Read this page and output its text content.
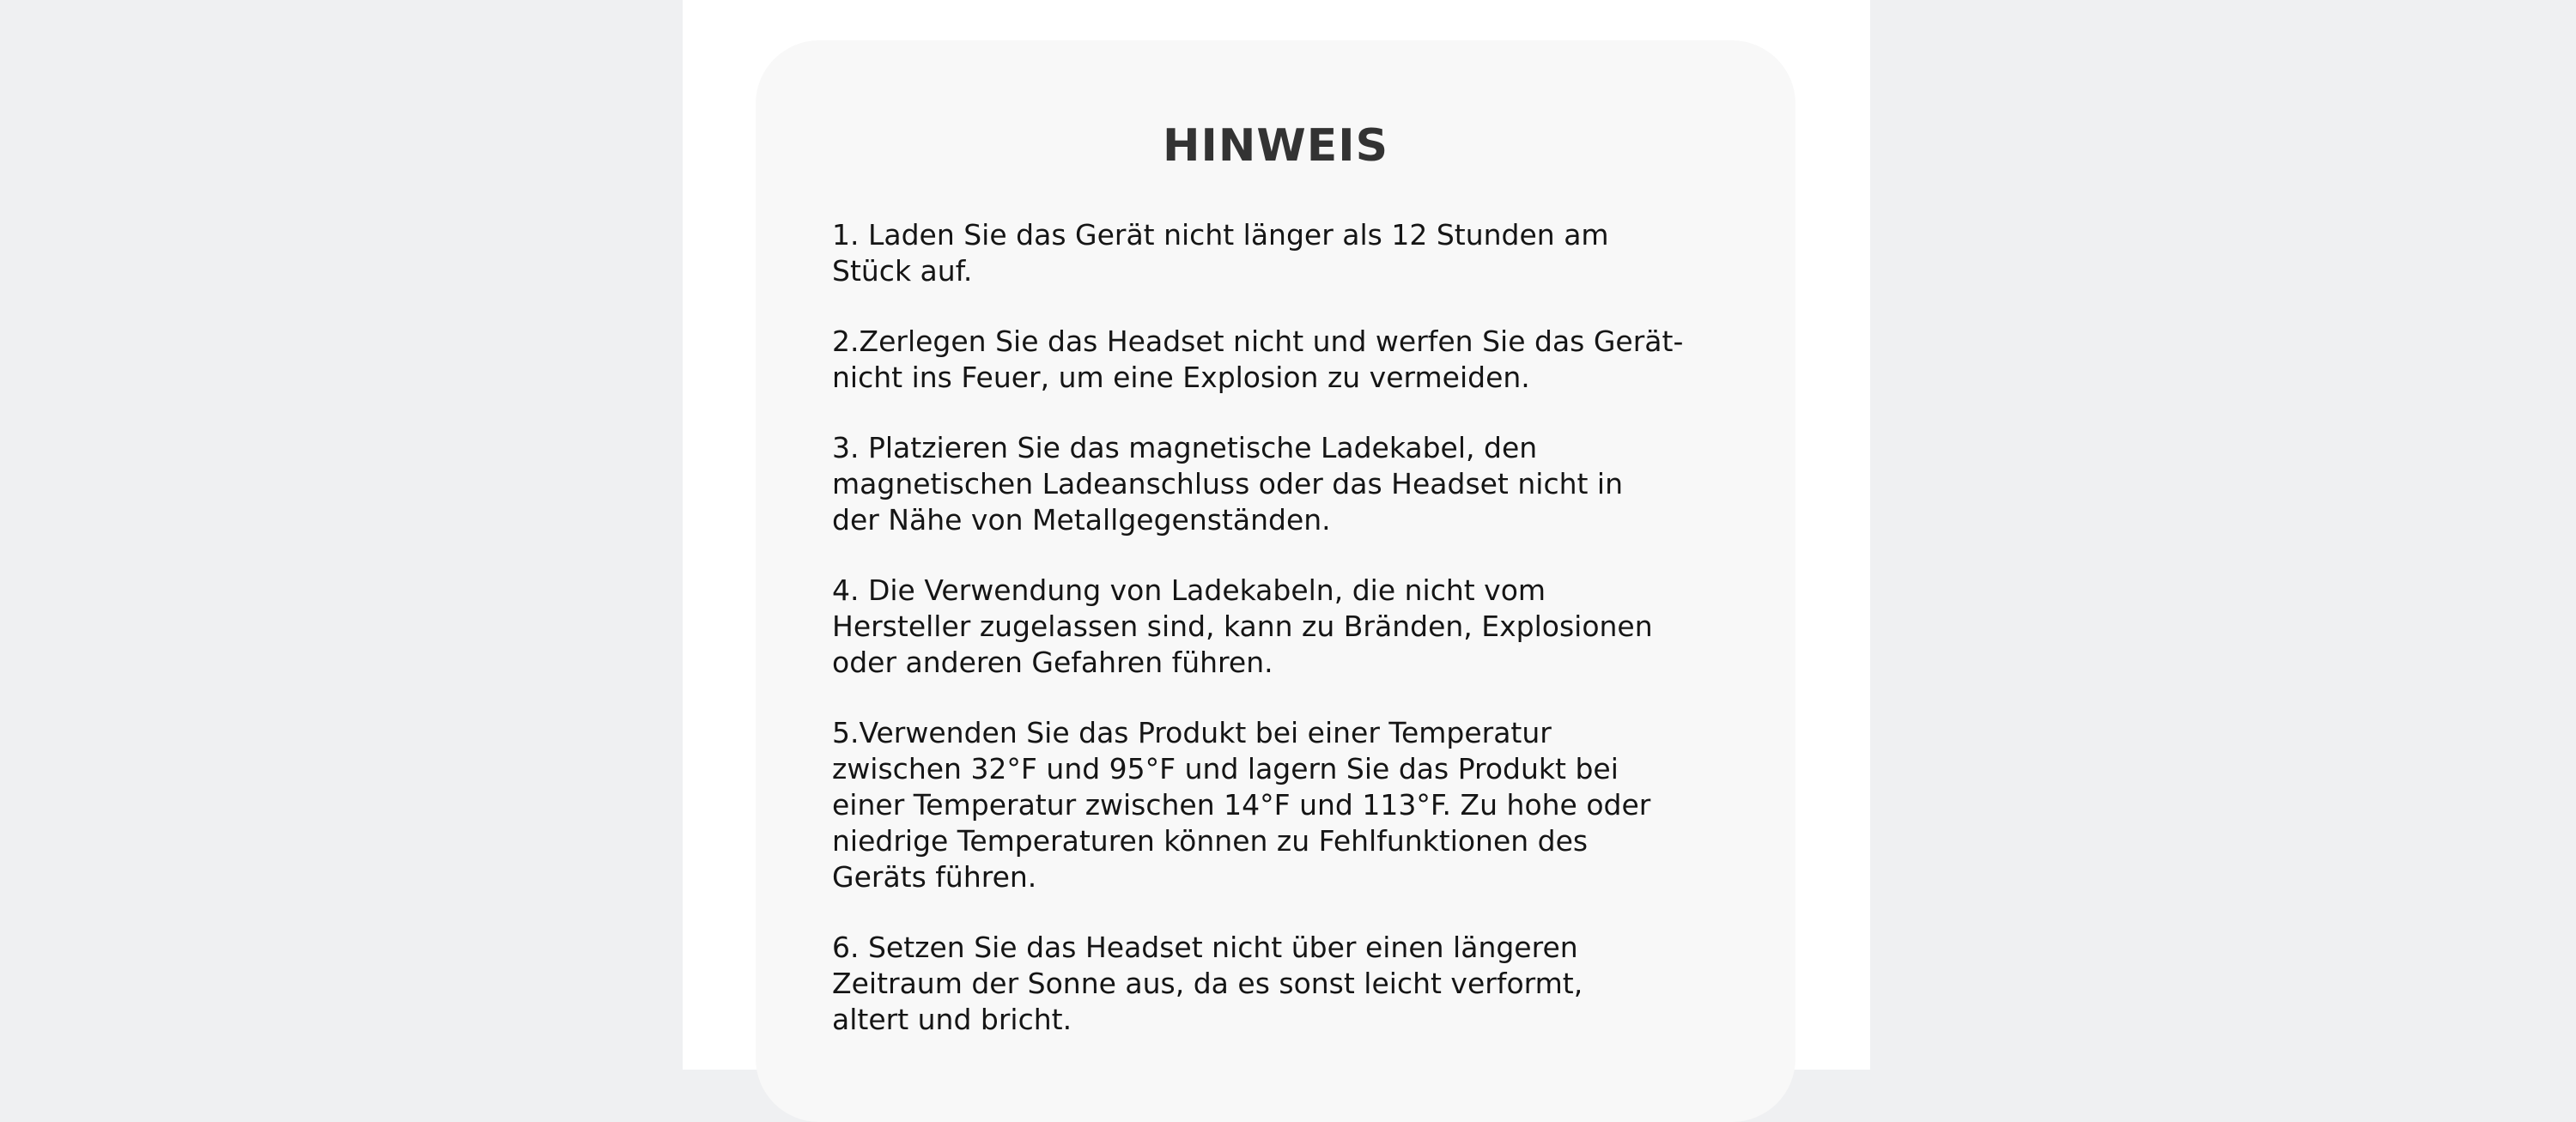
HINWEIS
1. Laden Sie das Gerät nicht länger als 12 Stunden am
Stück auf.
2.Zerlegen Sie das Headset nicht und werfen Sie das Gerät-
nicht ins Feuer, um eine Explosion zu vermeiden.
3. Platzieren Sie das magnetische Ladekabel, den
magnetischen Ladeanschluss oder das Headset nicht in
der Nähe von Metallgegenständen.
4. Die Verwendung von Ladekabeln, die nicht vom
Hersteller zugelassen sind, kann zu Bränden, Explosionen
oder anderen Gefahren führen.
5.Verwenden Sie das Produkt bei einer Temperatur
zwischen 32°F und 95°F und lagern Sie das Produkt bei
einer Temperatur zwischen 14°F und 113°F. Zu hohe oder
niedrige Temperaturen können zu Fehlfunktionen des
Geräts führen.
6. Setzen Sie das Headset nicht über einen längeren
Zeitraum der Sonne aus, da es sonst leicht verformt,
altert und bricht.
